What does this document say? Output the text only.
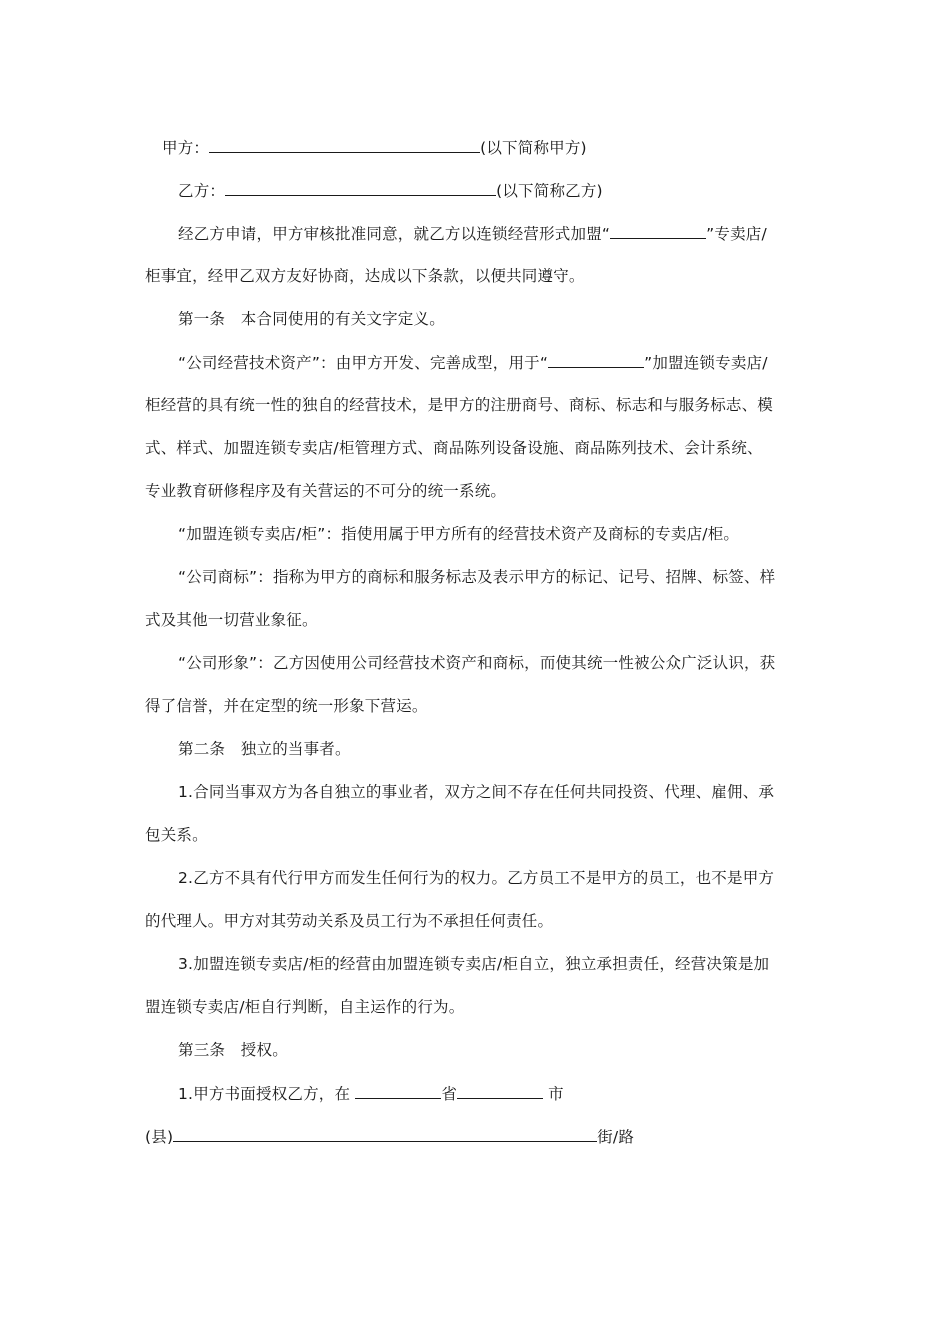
甲方：	(以下简称甲方)
乙方：	(以下简称乙方)
经乙方申请，甲方审核批准同意，就乙方以连锁经营形式加盟“	”专卖店/
柜事宜，经甲乙双方友好协商，达成以下条款，以便共同遵守。
第一条　本合同使用的有关文字定义。
“公司经营技术资产”：由甲方开发、完善成型，用于“	”加盟连锁专卖店/
柜经营的具有统一性的独自的经营技术，是甲方的注册商号、商标、标志和与服务标志、模
式、样式、加盟连锁专卖店/柜管理方式、商品陈列设备设施、商品陈列技术、会计系统、
专业教育研修程序及有关营运的不可分的统一系统。
“加盟连锁专卖店/柜”：指使用属于甲方所有的经营技术资产及商标的专卖店/柜。
“公司商标”：指称为甲方的商标和服务标志及表示甲方的标记、记号、招牌、标签、样
式及其他一切营业象征。
“公司形象”：乙方因使用公司经营技术资产和商标，而使其统一性被公众广泛认识，获
得了信誉，并在定型的统一形象下营运。
第二条　独立的当事者。
1.合同当事双方为各自独立的事业者，双方之间不存在任何共同投资、代理、雇佣、承
包关系。
2.乙方不具有代行甲方而发生任何行为的权力。乙方员工不是甲方的员工，也不是甲方
的代理人。甲方对其劳动关系及员工行为不承担任何责任。
3.加盟连锁专卖店/柜的经营由加盟连锁专卖店/柜自立，独立承担责任，经营决策是加
盟连锁专卖店/柜自行判断，自主运作的行为。
第三条　授权。
1.甲方书面授权乙方，在	省	市
(县)	街/路
